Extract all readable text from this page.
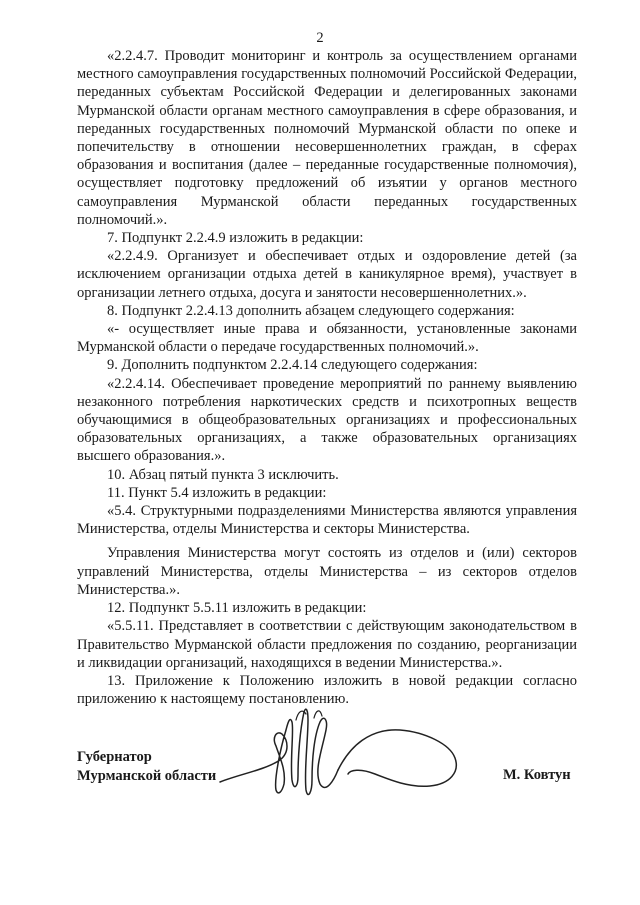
2

«2.2.4.7. Проводит мониторинг и контроль за осуществлением органами местного самоуправления государственных полномочий Российской Федерации, переданных субъектам Российской Федерации и делегированных законами Мурманской области органам местного самоуправления в сфере образования, и переданных государственных полномочий Мурманской области по опеке и попечительству в отношении несовершеннолетних граждан, в сферах образования и воспитания (далее – переданные государственные полномочия), осуществляет подготовку предложений об изъятии у органов местного самоуправления Мурманской области переданных государственных полномочий.».

7. Подпункт 2.2.4.9 изложить в редакции:

«2.2.4.9. Организует и обеспечивает отдых и оздоровление детей (за исключением организации отдыха детей в каникулярное время), участвует в организации летнего отдыха, досуга и занятости несовершеннолетних.».

8. Подпункт 2.2.4.13 дополнить абзацем следующего содержания:

«- осуществляет иные права и обязанности, установленные законами Мурманской области о передаче государственных полномочий.».

9. Дополнить подпунктом 2.2.4.14 следующего содержания:

«2.2.4.14. Обеспечивает проведение мероприятий по раннему выявлению незаконного потребления наркотических средств и психотропных веществ обучающимися в общеобразовательных организациях и профессиональных образовательных организациях, а также образовательных организациях высшего образования.».

10. Абзац пятый пункта 3 исключить.

11. Пункт 5.4 изложить в редакции:

«5.4. Структурными подразделениями Министерства являются управления Министерства, отделы Министерства и секторы Министерства.

Управления Министерства могут состоять из отделов и (или) секторов управлений Министерства, отделы Министерства – из секторов отделов Министерства.».

12. Подпункт 5.5.11 изложить в редакции:

«5.5.11. Представляет в соответствии с действующим законодательством в Правительство Мурманской области предложения по созданию, реорганизации и ликвидации организаций, находящихся в ведении Министерства.».

13. Приложение к Положению изложить в новой редакции согласно приложению к настоящему постановлению.

Губернатор
Мурманской области	М. Ковтун
